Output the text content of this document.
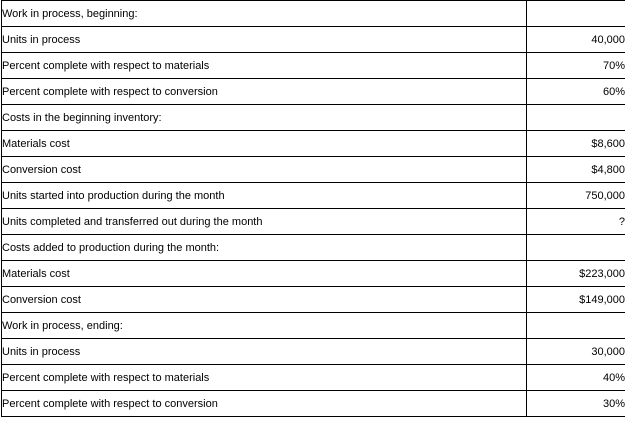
Work in process, beginning:	
Units in process	40,000
Percent complete with respect to materials	70%
Percent complete with respect to conversion	60%
Costs in the beginning inventory:	
Materials cost	$8,600
Conversion cost	$4,800
Units started into production during the month	750,000
Units completed and transferred out during the month	?
Costs added to production during the month:	
Materials cost	$223,000
Conversion cost	$149,000
Work in process, ending:	
Units in process	30,000
Percent complete with respect to materials	40%
Percent complete with respect to conversion	30%
